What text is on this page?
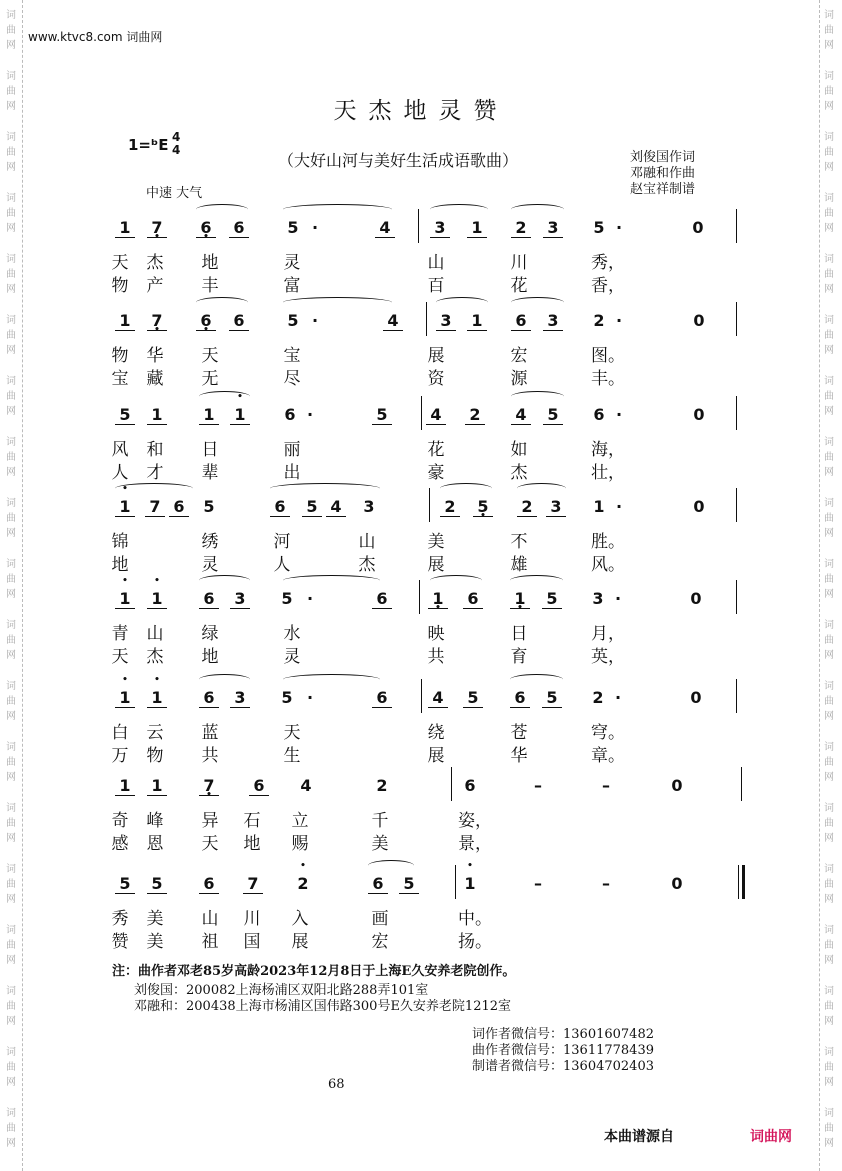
www.ktvc8.com 词曲网
天杰地灵赞
1=ᵇE 4
4
（大好山河与美好生活成语歌曲）	刘俊国作词
邓融和作曲
赵宝祥制谱
中速 大气
1 7 • 6 • 6	5 ·	4	3 1 2 3 5 ·	0
天 杰 地	灵	山	川	秀，
物 产 丰	富	百	花	香，
1 7 • 6 • 6	5 ·	4	3 1 6 3 2 ·	0
物 华 天	宝	展	宏	图。
宝 藏 无	尽	资	源	丰。
5 1	1 • 1 6 ·	5	4 2 4 5 6 ·	0
风 和 日	丽	花	如	海，
人 才 辈	出	豪	杰	壮，
• 1 7 6 5	6 5 4 3	2 5 • 2 3 1 ·	0
锦	绣	河	山	美	不	胜。
地	灵	人	杰	展	雄	风。
• 1 • 1	6 3 5 ·	6	1 • 6 1 • 5 3 ·	0
青 山 绿	水	映	日	月，
天 杰 地	灵	共	育	英，
• 1 • 1	6 3 5 ·	6	4 5 6 5 2 ·	0
白 云 蓝	天	绕	苍	穹。
万 物 共	生	展	华	章。
1 1	7 • 6 4	2	6	–	–	0
奇 峰 异 石 立	千	姿，
感 恩 天 地 赐	美	景，
5 5	6 7 • 2	6 5	• 1	–	–	0
秀 美 山 川 入	画	中。
赞 美 祖 国 展	宏	扬。
注：曲作者邓老85岁高龄2023年12月8日于上海E久安养老院创作。
刘俊国：200082上海杨浦区双阳北路288弄101室
邓融和：200438上海市杨浦区国伟路300号E久安养老院1212室
词作者微信号：13601607482
曲作者微信号：13611778439
制谱者微信号：13604702403
68
本曲谱源自	词曲网
词
曲
网
词
曲
网
词
曲
网
词
曲
网
词
曲
网
词
曲
网
词
曲
网
词
曲
网
词
曲
网
词
曲
网
词
曲
网
词
曲
网
词
曲
网
词
曲
网
词
曲
网
词
曲
网
词
曲
网
词
曲
网
词
曲
网
词
曲
网
词
曲
网
词
曲
网
词
曲
网
词
曲
网
词
曲
网
词
曲
网
词
曲
网
词
曲
网
词
曲
网
词
曲
网
词
曲
网
词
曲
网
词
曲
网
词
曲
网
词
曲
网
词
曲
网
词
曲
网
词
曲
网
